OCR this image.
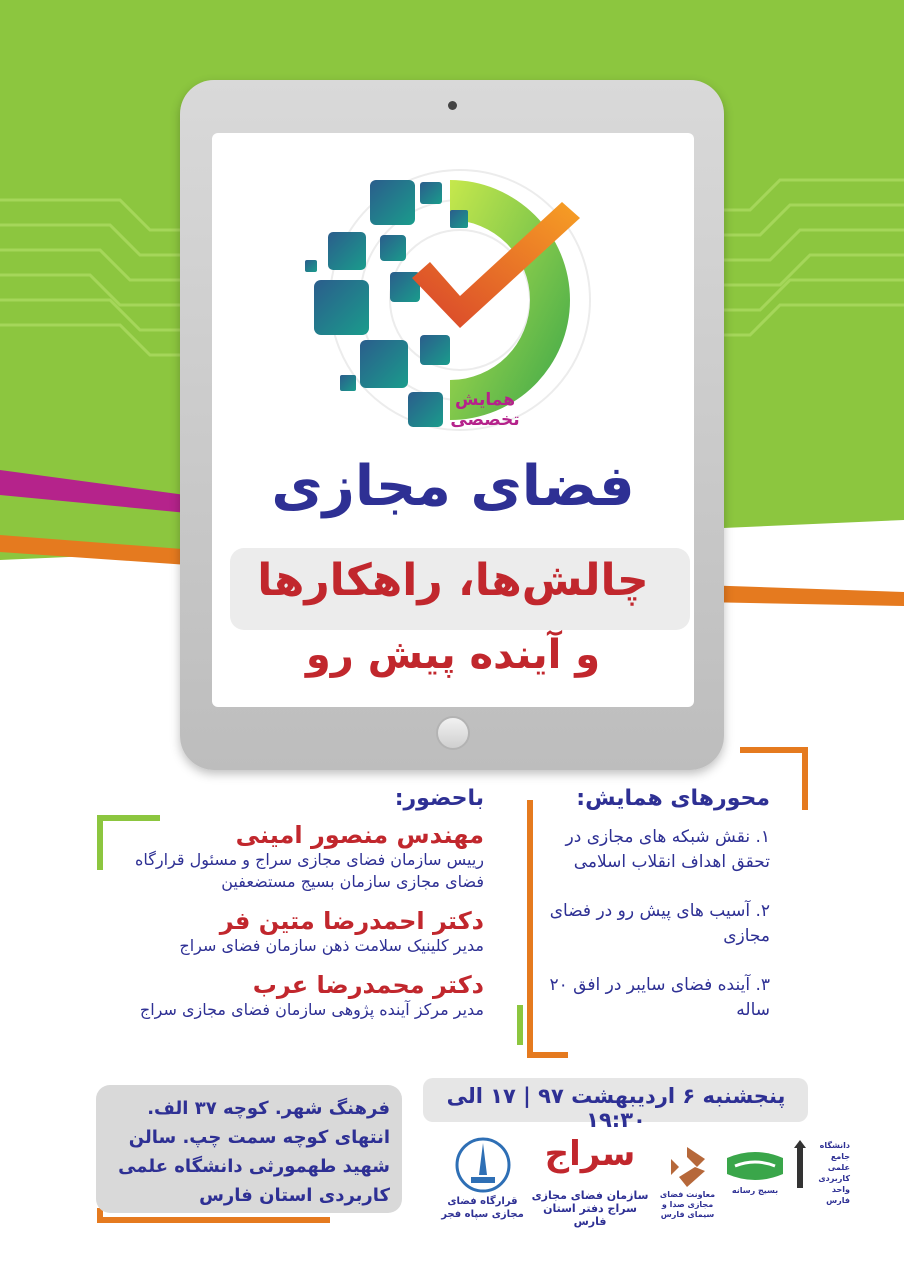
همایش
تخصصی
فضای مجازی
چالش‌ها، راهکارها
و آینده پیش رو
محورهای همایش:
۱. نقش شبکه های مجازی در تحقق اهداف انقلاب اسلامی
۲. آسیب های پیش رو در فضای مجازی
۳. آینده فضای سایبر در افق ۲۰ ساله
باحضور:
مهندس منصور امینی
رییس سازمان فضای مجازی سراج و مسئول قرارگاه فضای مجازی سازمان بسیج مستضعفین
دکتر احمدرضا متین فر
مدیر کلینیک سلامت ذهن سازمان فضای سراج
دکتر محمدرضا عرب
مدیر مرکز آینده پژوهی سازمان فضای مجازی سراج
پنجشنبه ۶ اردیبهشت ۹۷ | ۱۷ الی ۱۹:۳۰
فرهنگ شهر. کوچه ۳۷ الف. انتهای کوچه سمت چپ. سالن شهید طهمورثی دانشگاه علمی کاربردی استان فارس	قرارگاه فضای مجازی سپاه فجر
سراج
سازمان فضای مجازی سراج دفتر استان فارس
معاونت فضای مجازی صدا و سیمای فارس
بسیج رسانه
دانشگاه جامع علمی کاربردی واحد فارس
